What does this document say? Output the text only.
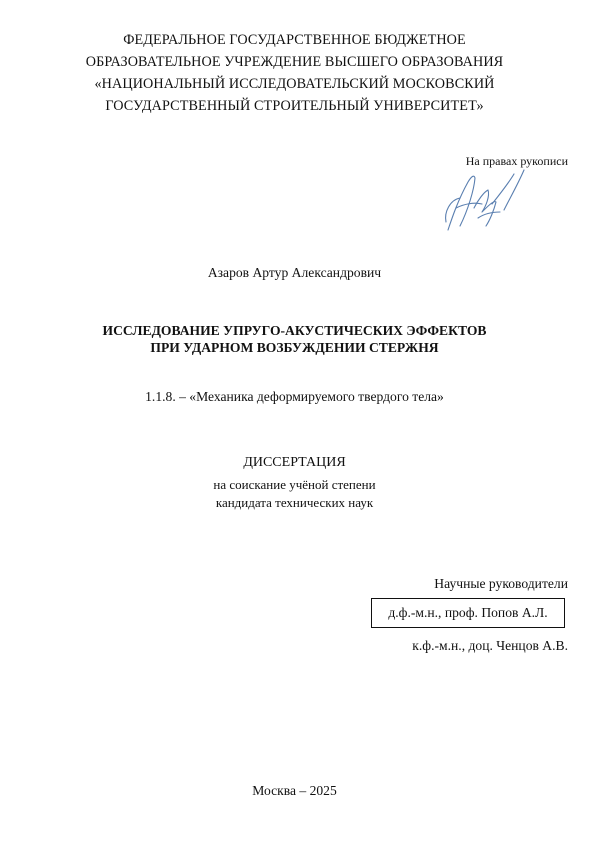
ФЕДЕРАЛЬНОЕ ГОСУДАРСТВЕННОЕ БЮДЖЕТНОЕ
ОБРАЗОВАТЕЛЬНОЕ УЧРЕЖДЕНИЕ ВЫСШЕГО ОБРАЗОВАНИЯ
«НАЦИОНАЛЬНЫЙ ИССЛЕДОВАТЕЛЬСКИЙ МОСКОВСКИЙ
ГОСУДАРСТВЕННЫЙ СТРОИТЕЛЬНЫЙ УНИВЕРСИТЕТ»
На правах рукописи
Азаров Артур Александрович
ИССЛЕДОВАНИЕ УПРУГО-АКУСТИЧЕСКИХ ЭФФЕКТОВ
ПРИ УДАРНОМ ВОЗБУЖДЕНИИ СТЕРЖНЯ
1.1.8. – «Механика деформируемого твердого тела»
ДИССЕРТАЦИЯ
на соискание учёной степени
кандидата технических наук
Научные руководители
д.ф.-м.н., проф. Попов А.Л.
к.ф.-м.н., доц. Ченцов А.В.
Москва – 2025
